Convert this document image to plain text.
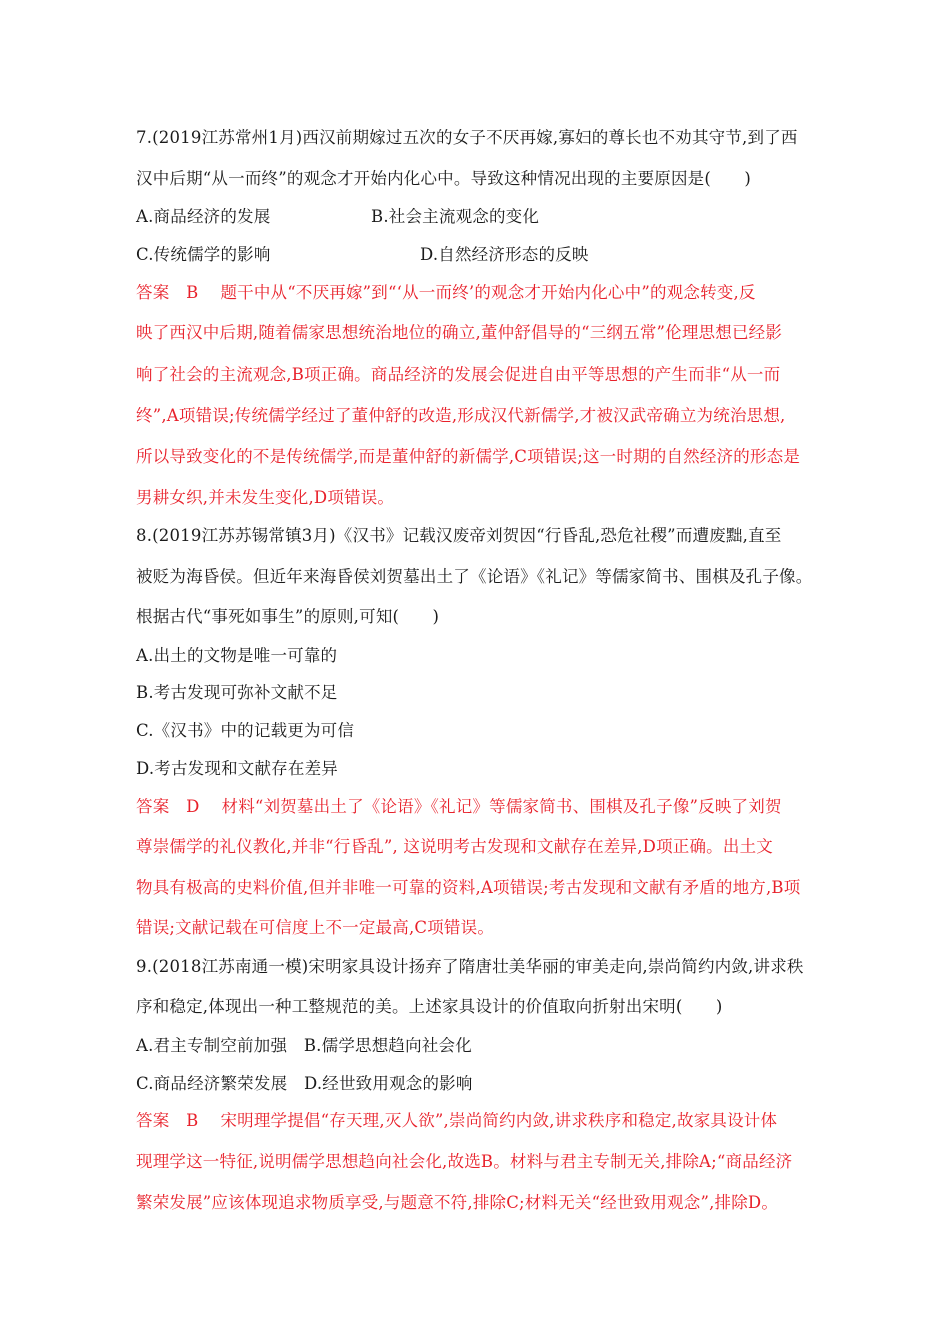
7.(2019江苏常州1月)西汉前期嫁过五次的女子不厌再嫁,寡妇的尊长也不劝其守节,到了西
汉中后期“从一而终”的观念才开始内化心中。导致这种情况出现的主要原因是(　　)
A.商品经济的发展	B.社会主流观念的变化
C.传统儒学的影响	D.自然经济形态的反映
答案　B 题干中从“不厌再嫁”到“‘从一而终’的观念才开始内化心中”的观念转变,反
映了西汉中后期,随着儒家思想统治地位的确立,董仲舒倡导的“三纲五常”伦理思想已经影
响了社会的主流观念,B项正确。商品经济的发展会促进自由平等思想的产生而非“从一而
终”,A项错误;传统儒学经过了董仲舒的改造,形成汉代新儒学,才被汉武帝确立为统治思想,
所以导致变化的不是传统儒学,而是董仲舒的新儒学,C项错误;这一时期的自然经济的形态是
男耕女织,并未发生变化,D项错误。
8.(2019江苏苏锡常镇3月)《汉书》记载汉废帝刘贺因“行昏乱,恐危社稷”而遭废黜,直至
被贬为海昏侯。但近年来海昏侯刘贺墓出土了《论语》《礼记》等儒家简书、围棋及孔子像。
根据古代“事死如事生”的原则,可知(　　)
A.出土的文物是唯一可靠的
B.考古发现可弥补文献不足
C.《汉书》中的记载更为可信
D.考古发现和文献存在差异
答案　D 材料“刘贺墓出土了《论语》《礼记》等儒家简书、围棋及孔子像”反映了刘贺
尊崇儒学的礼仪教化,并非“行昏乱”, 这说明考古发现和文献存在差异,D项正确。出土文
物具有极高的史料价值,但并非唯一可靠的资料,A项错误;考古发现和文献有矛盾的地方,B项
错误;文献记载在可信度上不一定最高,C项错误。
9.(2018江苏南通一模)宋明家具设计扬弃了隋唐壮美华丽的审美走向,崇尚简约内敛,讲求秩
序和稳定,体现出一种工整规范的美。上述家具设计的价值取向折射出宋明(　　)
A.君主专制空前加强　B.儒学思想趋向社会化
C.商品经济繁荣发展　D.经世致用观念的影响
答案　B 宋明理学提倡“存天理,灭人欲”,崇尚简约内敛,讲求秩序和稳定,故家具设计体
现理学这一特征,说明儒学思想趋向社会化,故选B。材料与君主专制无关,排除A;“商品经济
繁荣发展”应该体现追求物质享受,与题意不符,排除C;材料无关“经世致用观念”,排除D。
